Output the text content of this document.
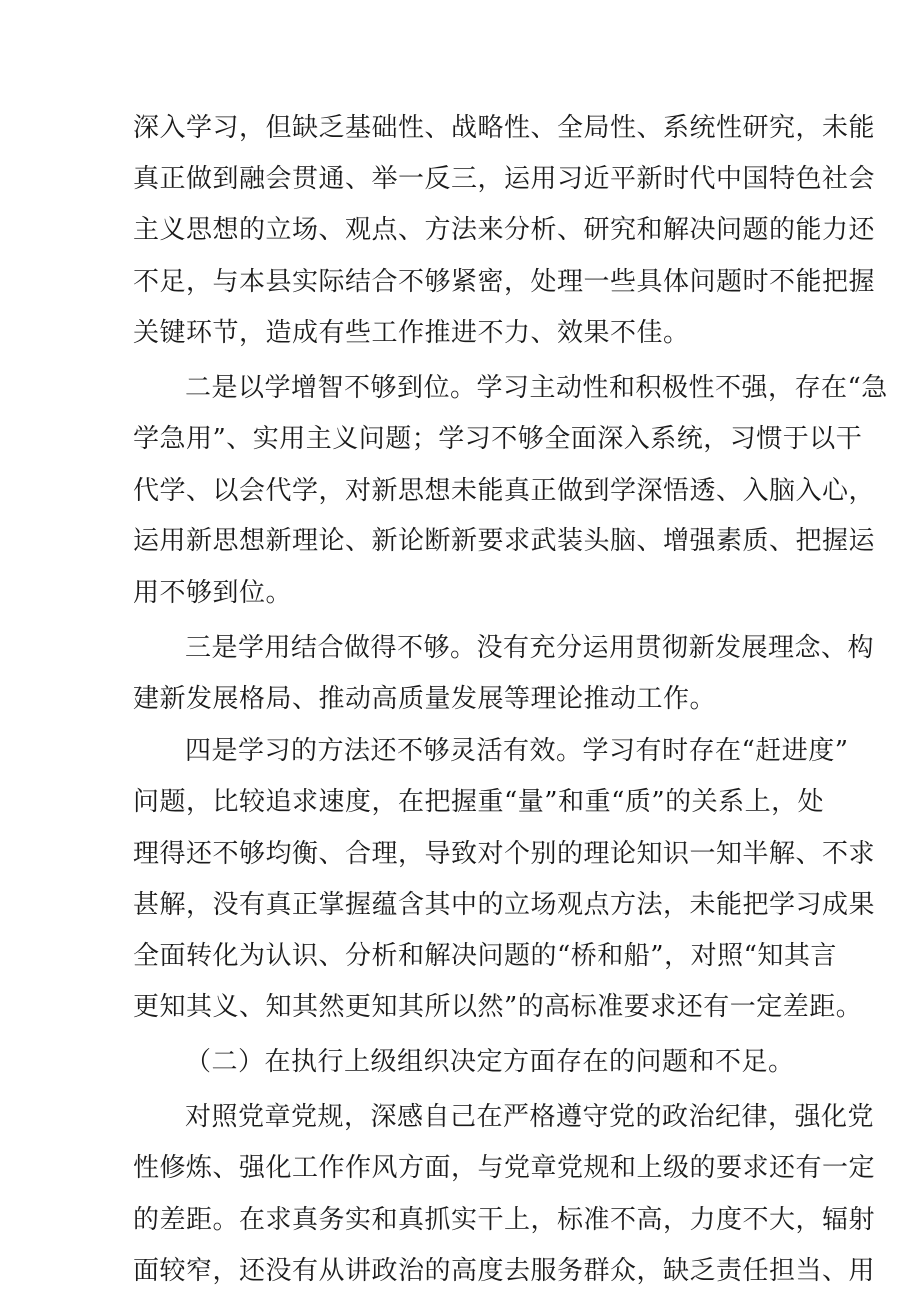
深入学习，但缺乏基础性、战略性、全局性、系统性研究，未能
真正做到融会贯通、举一反三，运用习近平新时代中国特色社会
主义思想的立场、观点、方法来分析、研究和解决问题的能力还
不足，与本县实际结合不够紧密，处理一些具体问题时不能把握
关键环节，造成有些工作推进不力、效果不佳。
二是以学增智不够到位。学习主动性和积极性不强，存在“急
学急用”、实用主义问题；学习不够全面深入系统，习惯于以干
代学、以会代学，对新思想未能真正做到学深悟透、入脑入心，
运用新思想新理论、新论断新要求武装头脑、增强素质、把握运
用不够到位。
三是学用结合做得不够。没有充分运用贯彻新发展理念、构
建新发展格局、推动高质量发展等理论推动工作。
四是学习的方法还不够灵活有效。学习有时存在“赶进度”
问题，比较追求速度，在把握重“量”和重“质”的关系上，处
理得还不够均衡、合理，导致对个别的理论知识一知半解、不求
甚解，没有真正掌握蕴含其中的立场观点方法，未能把学习成果
全面转化为认识、分析和解决问题的“桥和船”，对照“知其言
更知其义、知其然更知其所以然”的高标准要求还有一定差距。
（二）在执行上级组织决定方面存在的问题和不足。
对照党章党规，深感自己在严格遵守党的政治纪律，强化党
性修炼、强化工作作风方面，与党章党规和上级的要求还有一定
的差距。在求真务实和真抓实干上，标准不高，力度不大，辐射
面较窄，还没有从讲政治的高度去服务群众，缺乏责任担当、用
